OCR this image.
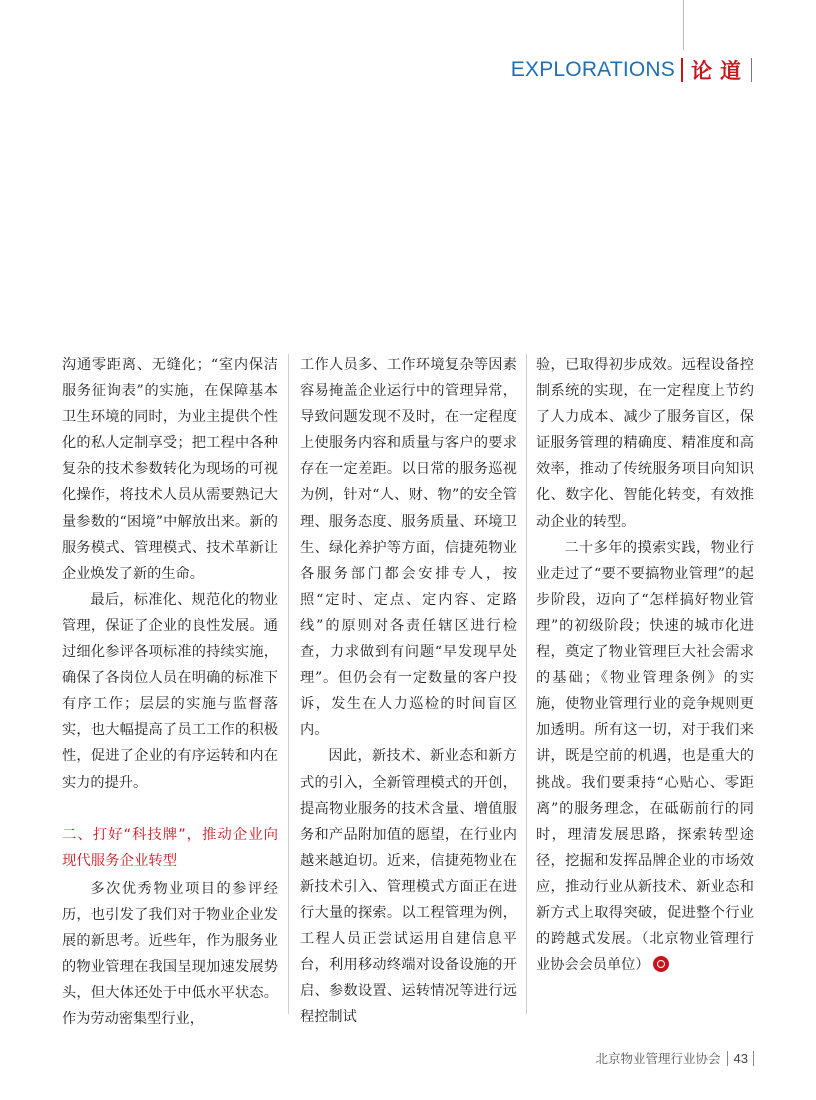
EXPLORATIONS 论道

沟通零距离、无缝化；“室内保洁服务征询表”的实施，在保障基本卫生环境的同时，为业主提供个性化的私人定制享受；把工程中各种复杂的技术参数转化为现场的可视化操作，将技术人员从需要熟记大量参数的“困境”中解放出来。新的服务模式、管理模式、技术革新让企业焕发了新的生命。

最后，标准化、规范化的物业管理，保证了企业的良性发展。通过细化参评各项标准的持续实施，确保了各岗位人员在明确的标准下有序工作；层层的实施与监督落实，也大幅提高了员工工作的积极性，促进了企业的有序运转和内在实力的提升。

二、打好“科技牌”，推动企业向现代服务企业转型

多次优秀物业项目的参评经历，也引发了我们对于物业企业发展的新思考。近些年，作为服务业的物业管理在我国呈现加速发展势头，但大体还处于中低水平状态。作为劳动密集型行业，

工作人员多、工作环境复杂等因素容易掩盖企业运行中的管理异常，导致问题发现不及时，在一定程度上使服务内容和质量与客户的要求存在一定差距。以日常的服务巡视为例，针对“人、财、物”的安全管理、服务态度、服务质量、环境卫生、绿化养护等方面，信捷苑物业各服务部门都会安排专人，按照“定时、定点、定内容、定路线”的原则对各责任辖区进行检查，力求做到有问题“早发现早处理”。但仍会有一定数量的客户投诉，发生在人力巡检的时间盲区内。

因此，新技术、新业态和新方式的引入，全新管理模式的开创，提高物业服务的技术含量、增值服务和产品附加值的愿望，在行业内越来越迫切。近来，信捷苑物业在新技术引入、管理模式方面正在进行大量的探索。以工程管理为例，工程人员正尝试运用自建信息平台，利用移动终端对设备设施的开启、参数设置、运转情况等进行远程控制试

验，已取得初步成效。远程设备控制系统的实现，在一定程度上节约了人力成本、减少了服务盲区，保证服务管理的精确度、精准度和高效率，推动了传统服务项目向知识化、数字化、智能化转变，有效推动企业的转型。

二十多年的摸索实践，物业行业走过了“要不要搞物业管理”的起步阶段，迈向了“怎样搞好物业管理”的初级阶段；快速的城市化进程，奠定了物业管理巨大社会需求的基础；《物业管理条例》的实施，使物业管理行业的竞争规则更加透明。所有这一切，对于我们来讲，既是空前的机遇，也是重大的挑战。我们要秉持“心贴心、零距离”的服务理念，在砥砺前行的同时，理清发展思路，探索转型途径，挖掘和发挥品牌企业的市场效应，推动行业从新技术、新业态和新方式上取得突破，促进整个行业的跨越式发展。（北京物业管理行业协会会员单位）

北京物业管理行业协会 43
